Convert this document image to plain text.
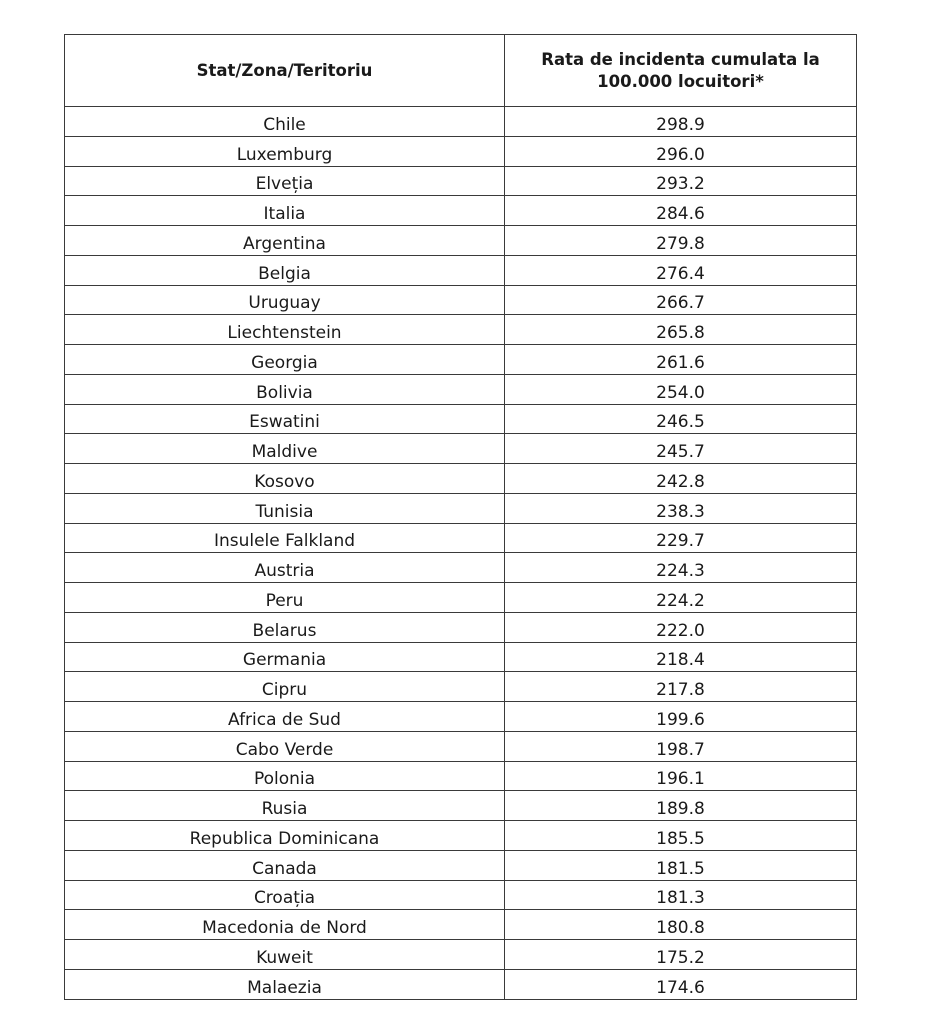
Stat/Zona/Teritoriu	Rata de incidenta cumulata la 100.000 locuitori*

Chile	298.9

Luxemburg	296.0

Elveția	293.2

Italia	284.6

Argentina	279.8

Belgia	276.4

Uruguay	266.7

Liechtenstein	265.8

Georgia	261.6

Bolivia	254.0

Eswatini	246.5

Maldive	245.7

Kosovo	242.8

Tunisia	238.3

Insulele Falkland	229.7

Austria	224.3

Peru	224.2

Belarus	222.0

Germania	218.4

Cipru	217.8

Africa de Sud	199.6

Cabo Verde	198.7

Polonia	196.1

Rusia	189.8

Republica Dominicana	185.5

Canada	181.5

Croația	181.3

Macedonia de Nord	180.8

Kuweit	175.2

Malaezia	174.6
